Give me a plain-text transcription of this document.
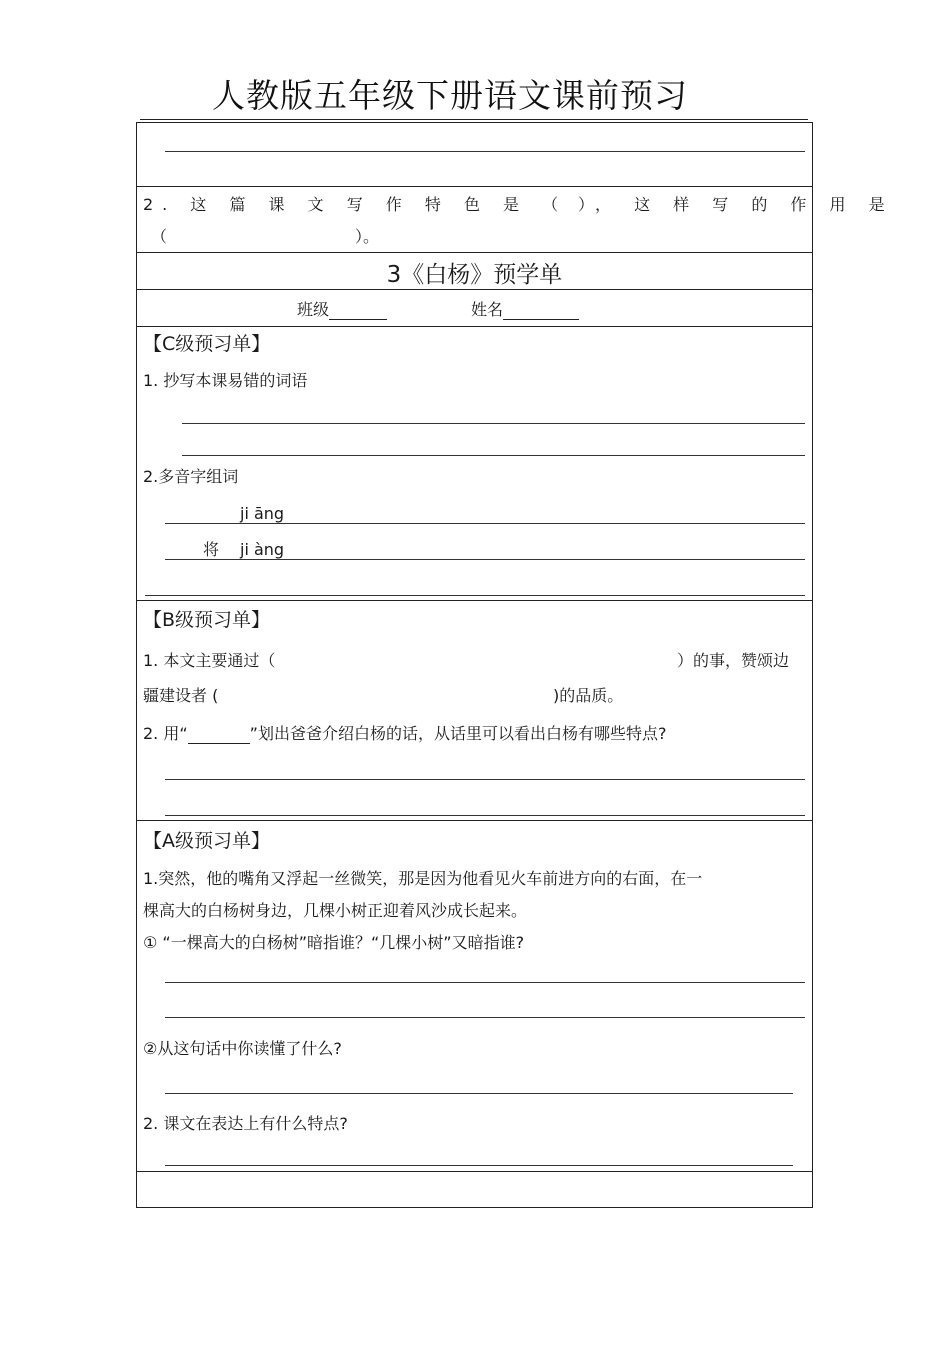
人教版五年级下册语文课前预习
2. 这 篇 课 文 写 作 特 色 是 （ ）， 这 样 写 的 作 用 是
（	）。
3《白杨》预学单
班级	姓名
【C级预习单】
1. 抄写本课易错的词语
2.多音字组词
ji āng
将 ji àng
【B级预习单】
1. 本文主要通过（	）的事，赞颂边
疆建设者 (	)的品质。
2. 用“	”划出爸爸介绍白杨的话，从话里可以看出白杨有哪些特点?
【A级预习单】
1.突然，他的嘴角又浮起一丝微笑，那是因为他看见火车前进方向的右面，在一
棵高大的白杨树身边，几棵小树正迎着风沙成长起来。
① “一棵高大的白杨树”暗指谁？“几棵小树”又暗指谁?
②从这句话中你读懂了什么?
2. 课文在表达上有什么特点?
